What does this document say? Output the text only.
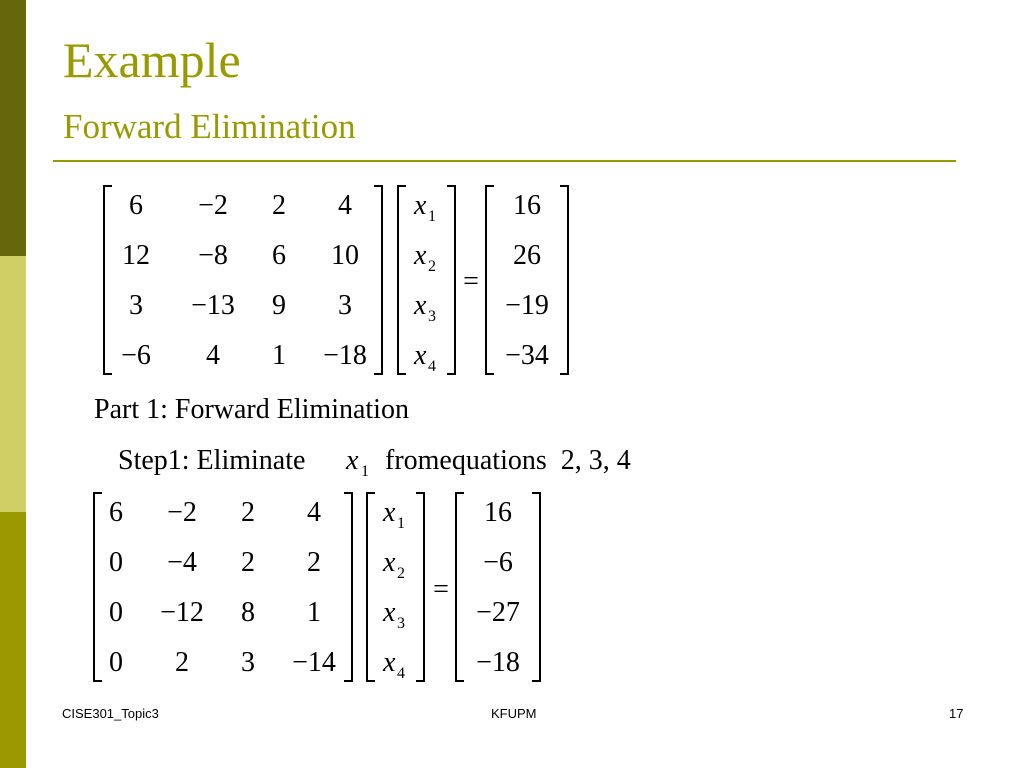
Example
Forward Elimination
6 −2 2 4
12 −8 6 10
3 −13 9 3
−6 4 1 −18
16
26
−19
−34
=
x 1
x 2
x 3
x 4
Part 1: Forward Elimination
Step1: Eliminate x 1 fromequations  2, 3, 4
6 −2 2 4
0 −4 2 2
0 −12 8 1
0 2 3 −14
16
−6
−27
−18
=
x 1
x 2
x 3
x 4
CISE301_Topic3	KFUPM	17
